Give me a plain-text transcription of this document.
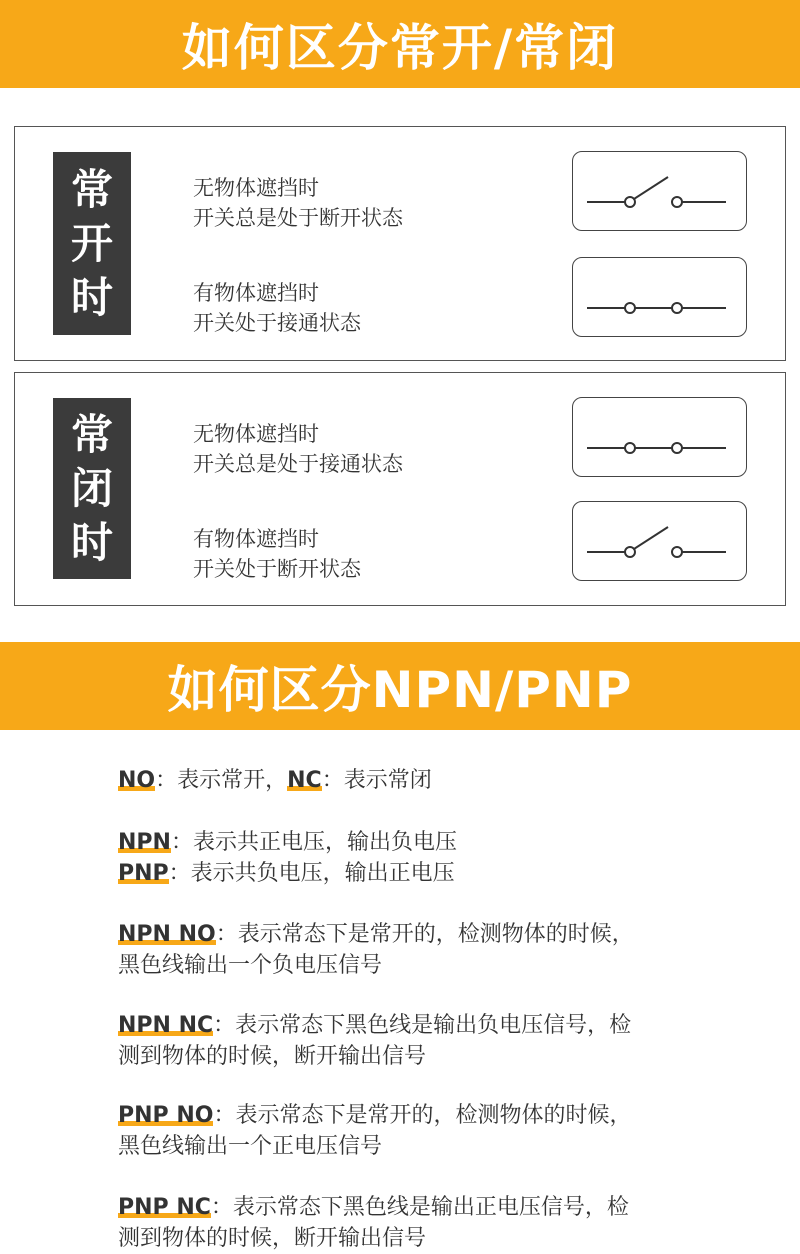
如何区分常开/常闭
常
开
时
无物体遮挡时
开关总是处于断开状态
有物体遮挡时
开关处于接通状态
常
闭
时
无物体遮挡时
开关总是处于接通状态
有物体遮挡时
开关处于断开状态
如何区分NPN/PNP
NO：表示常开，NC：表示常闭
NPN：表示共正电压，输出负电压
PNP：表示共负电压，输出正电压
NPN NO：表示常态下是常开的，检测物体的时候，
黑色线输出一个负电压信号
NPN NC：表示常态下黑色线是输出负电压信号，检
测到物体的时候，断开输出信号
PNP NO：表示常态下是常开的，检测物体的时候，
黑色线输出一个正电压信号
PNP NC：表示常态下黑色线是输出正电压信号，检
测到物体的时候，断开输出信号
